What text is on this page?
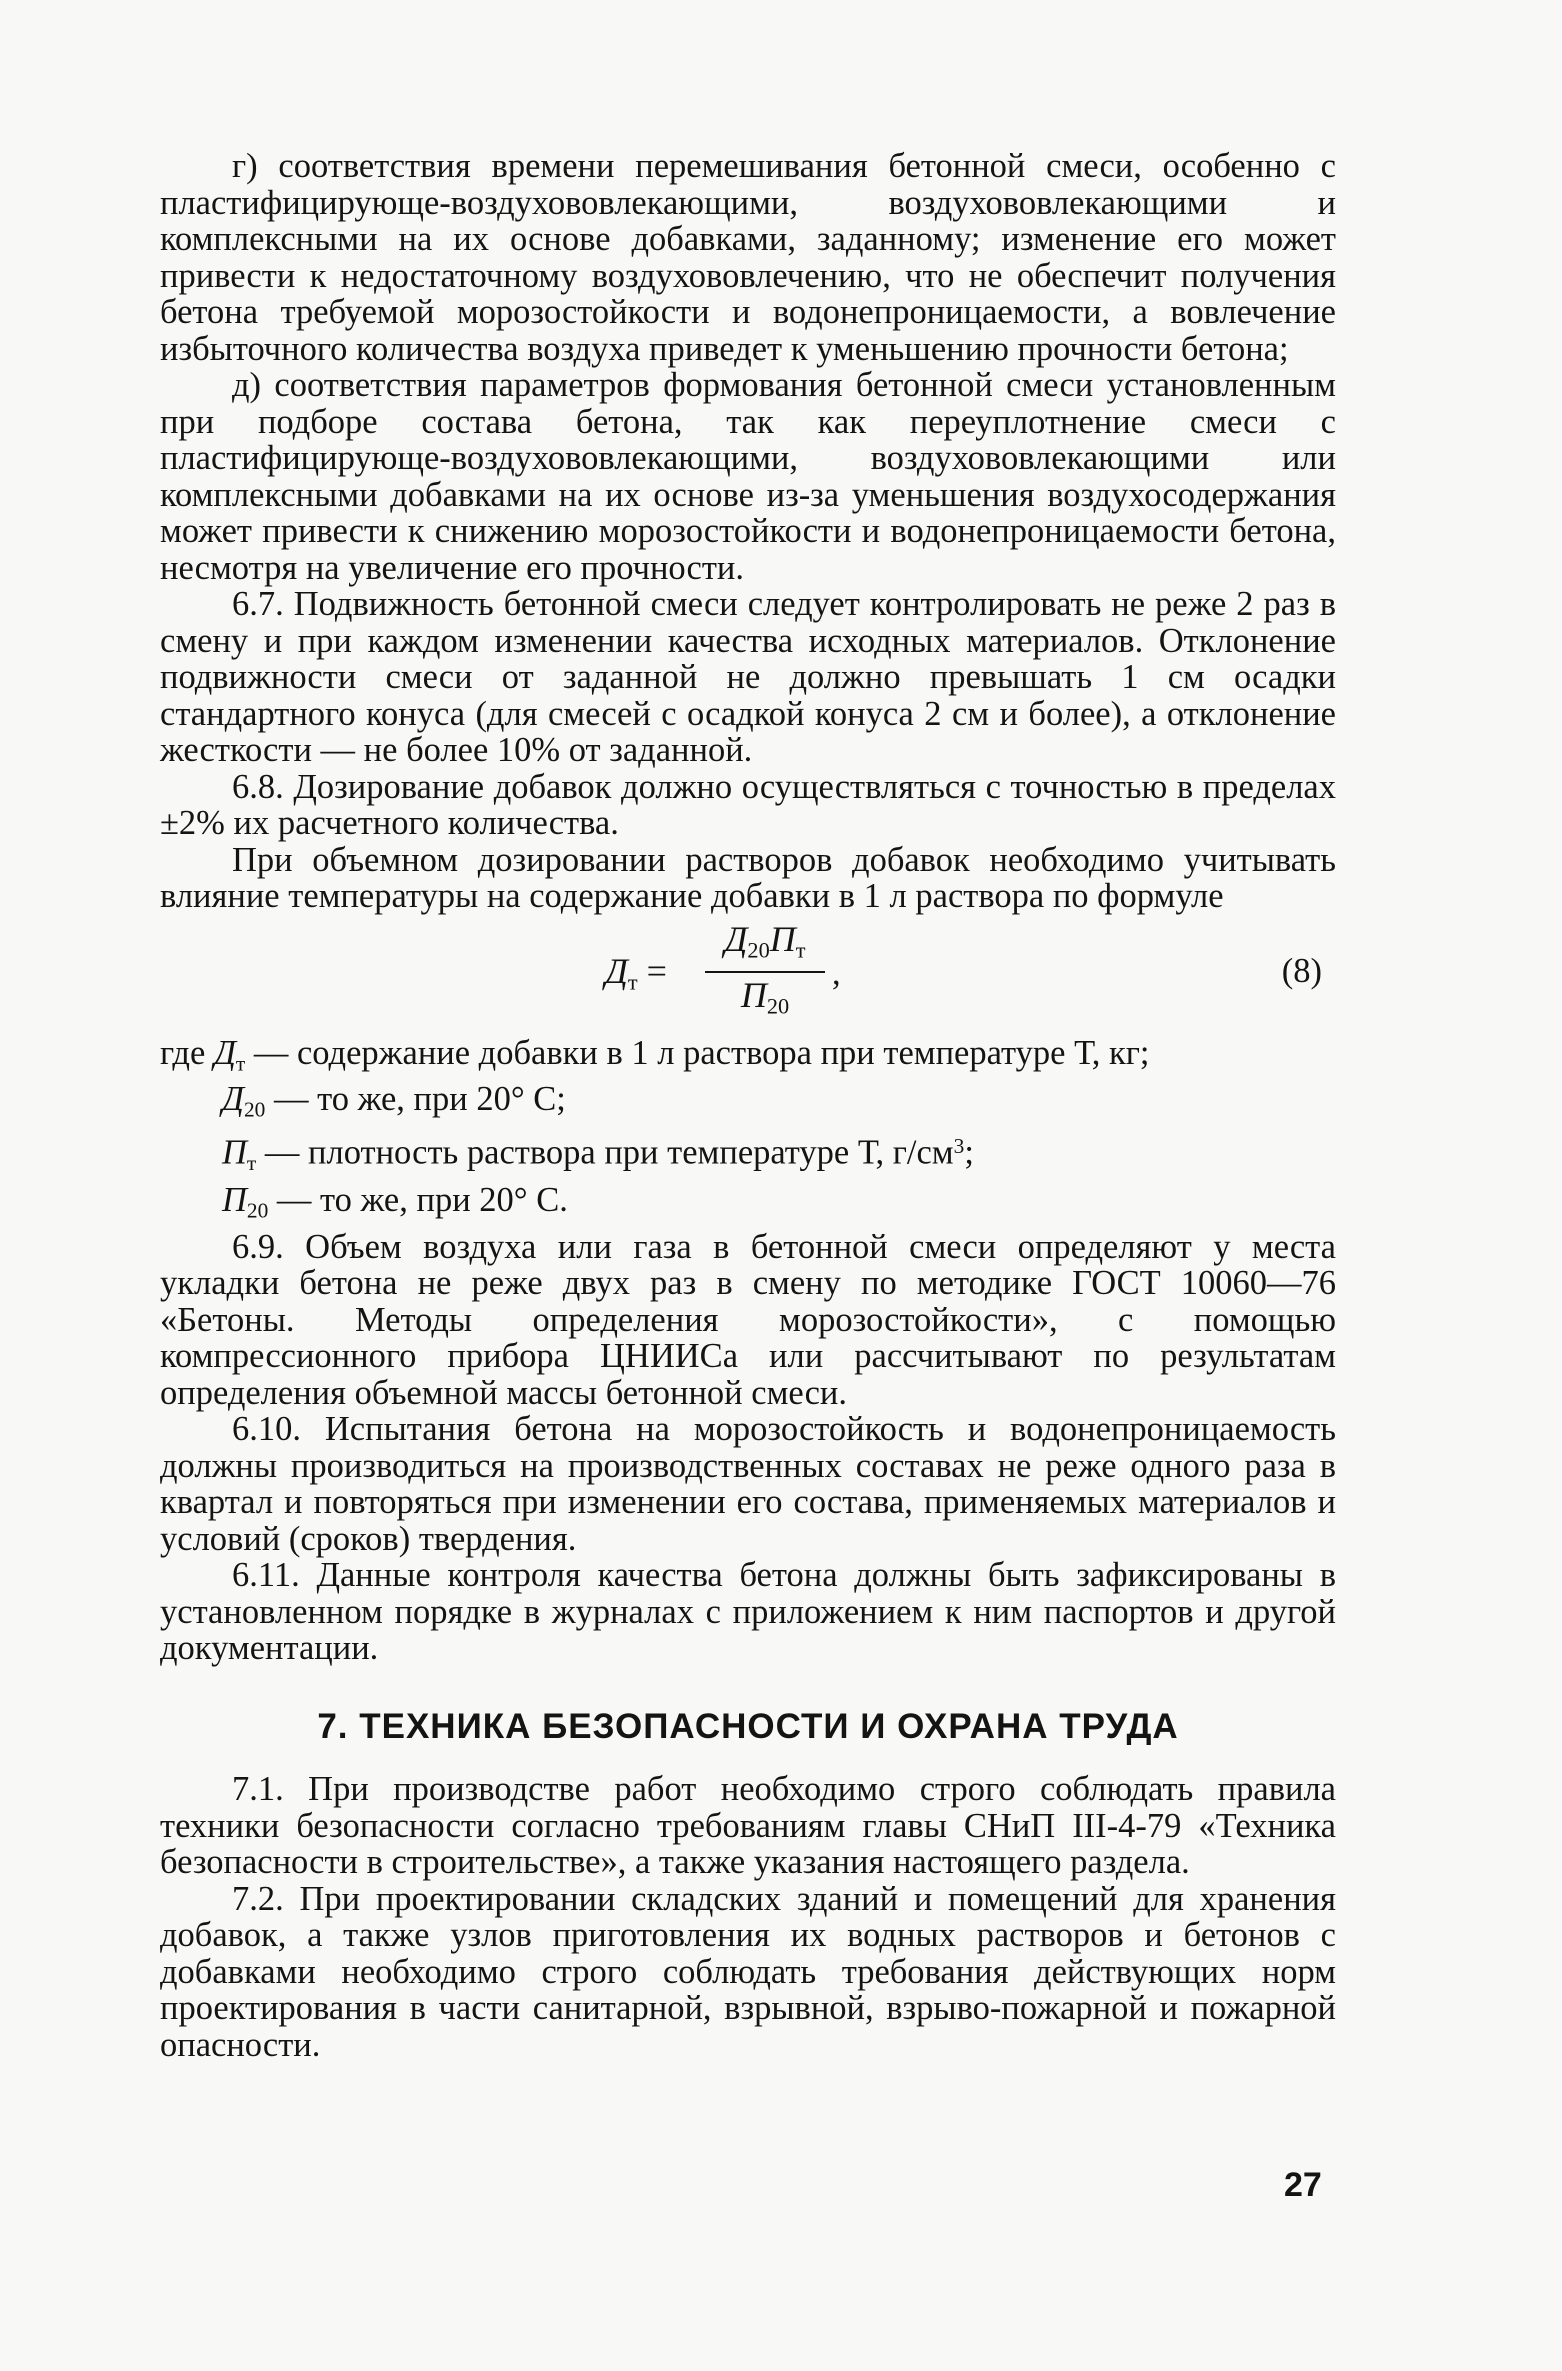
г) соответствия времени перемешивания бетонной смеси, особенно с пластифицирующе-воздухововлекающими, воздухововлекающими и комплексными на их основе добавками, заданному; изменение его может привести к недостаточному воздухововлечению, что не обеспечит получения бетона требуемой морозостойкости и водонепроницаемости, а вовлечение избыточного количества воздуха приведет к уменьшению прочности бетона;

д) соответствия параметров формования бетонной смеси установленным при подборе состава бетона, так как переуплотнение смеси с пластифицирующе-воздухововлекающими, воздухововлекающими или комплексными добавками на их основе из-за уменьшения воздухосодержания может привести к снижению морозостойкости и водонепроницаемости бетона, несмотря на увеличение его прочности.

6.7. Подвижность бетонной смеси следует контролировать не реже 2 раз в смену и при каждом изменении качества исходных материалов. Отклонение подвижности смеси от заданной не должно превышать 1 см осадки стандартного конуса (для смесей с осадкой конуса 2 см и более), а отклонение жесткости — не более 10% от заданной.

6.8. Дозирование добавок должно осуществляться с точностью в пределах ±2% их расчетного количества.

При объемном дозировании растворов добавок необходимо учитывать влияние температуры на содержание добавки в 1 л раствора по формуле

$Д_т$ =
$Д_{20}П_т$
$П_{20}$
,	(8)
где $Д_т$ — содержание добавки в 1 л раствора при температуре Т, кг;
$Д_{20}$ — то же, при 20° С;
$П_т$ — плотность раствора при температуре Т, $г/см^3$;
$П_{20}$ — то же, при 20° С.

6.9. Объем воздуха или газа в бетонной смеси определяют у места укладки бетона не реже двух раз в смену по методике ГОСТ 10060—76 «Бетоны. Методы определения морозостойкости», с помощью компрессионного прибора ЦНИИСа или рассчитывают по результатам определения объемной массы бетонной смеси.

6.10. Испытания бетона на морозостойкость и водонепроницаемость должны производиться на производственных составах не реже одного раза в квартал и повторяться при изменении его состава, применяемых материалов и условий (сроков) твердения.

6.11. Данные контроля качества бетона должны быть зафиксированы в установленном порядке в журналах с приложением к ним паспортов и другой документации.

7. ТЕХНИКА БЕЗОПАСНОСТИ И ОХРАНА ТРУДА

7.1. При производстве работ необходимо строго соблюдать правила техники безопасности согласно требованиям главы СНиП III-4-79 «Техника безопасности в строительстве», а также указания настоящего раздела.

7.2. При проектировании складских зданий и помещений для хранения добавок, а также узлов приготовления их водных растворов и бетонов с добавками необходимо строго соблюдать требования действующих норм проектирования в части санитарной, взрывной, взрыво-пожарной и пожарной опасности.

27
